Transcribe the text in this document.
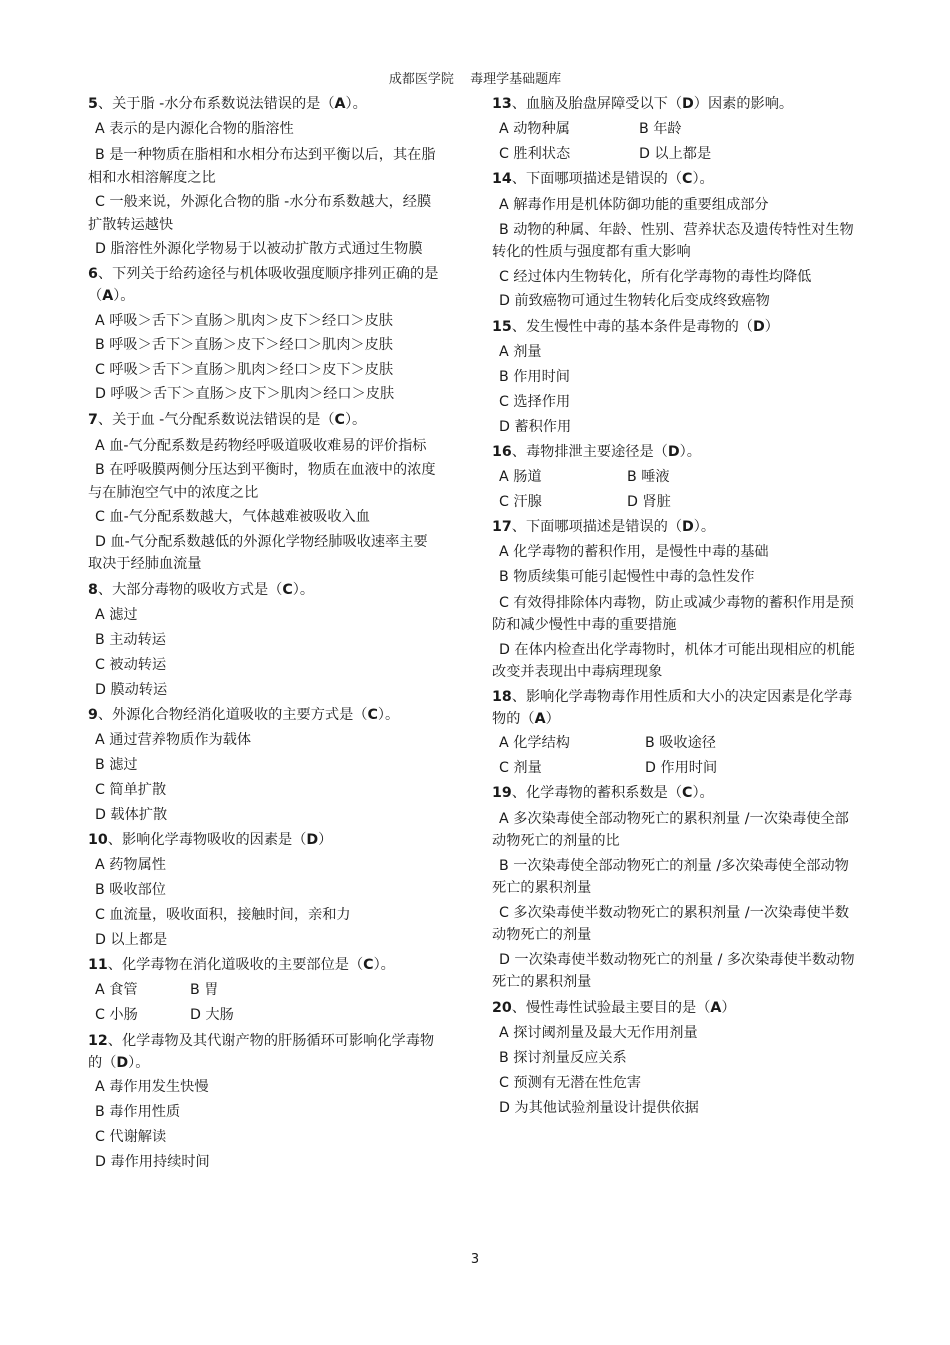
成都医学院 毒理学基础题库
5、关于脂 -水分布系数说法错误的是（A）。
A 表示的是内源化合物的脂溶性
B 是一种物质在脂相和水相分布达到平衡以后，其在脂相和水相溶解度之比
C 一般来说，外源化合物的脂 -水分布系数越大，经膜扩散转运越快
D 脂溶性外源化学物易于以被动扩散方式通过生物膜
6、下列关于给药途径与机体吸收强度顺序排列正确的是（A）。
A 呼吸＞舌下＞直肠＞肌肉＞皮下＞经口＞皮肤
B 呼吸＞舌下＞直肠＞皮下＞经口＞肌肉＞皮肤
C 呼吸＞舌下＞直肠＞肌肉＞经口＞皮下＞皮肤
D 呼吸＞舌下＞直肠＞皮下＞肌肉＞经口＞皮肤
7、关于血 -气分配系数说法错误的是（C）。
A 血-气分配系数是药物经呼吸道吸收难易的评价指标
B 在呼吸膜两侧分压达到平衡时，物质在血液中的浓度与在肺泡空气中的浓度之比
C 血-气分配系数越大，气体越难被吸收入血
D 血-气分配系数越低的外源化学物经肺吸收速率主要取决于经肺血流量
8、大部分毒物的吸收方式是（C）。
A 滤过
B 主动转运
C 被动转运
D 膜动转运
9、外源化合物经消化道吸收的主要方式是（C）。
A 通过营养物质作为载体
B 滤过
C 简单扩散
D 载体扩散
10、影响化学毒物吸收的因素是（D）
A 药物属性
B 吸收部位
C 血流量，吸收面积，接触时间，亲和力
D 以上都是
11、化学毒物在消化道吸收的主要部位是（C）。
A 食管	B 胃
C 小肠	D 大肠
12、化学毒物及其代谢产物的肝肠循环可影响化学毒物的（D）。
A 毒作用发生快慢
B 毒作用性质
C 代谢解读
D 毒作用持续时间
13、血脑及胎盘屏障受以下（D）因素的影响。
A 动物种属	B 年龄
C 胜利状态	D 以上都是
14、下面哪项描述是错误的（C）。
A 解毒作用是机体防御功能的重要组成部分
B 动物的种属、年龄、性别、营养状态及遗传特性对生物转化的性质与强度都有重大影响
C 经过体内生物转化，所有化学毒物的毒性均降低
D 前致癌物可通过生物转化后变成终致癌物
15、发生慢性中毒的基本条件是毒物的（D）
A 剂量
B 作用时间
C 选择作用
D 蓄积作用
16、毒物排泄主要途径是（D）。
A 肠道	B 唾液
C 汗腺	D 肾脏
17、下面哪项描述是错误的（D）。
A 化学毒物的蓄积作用，是慢性中毒的基础
B 物质续集可能引起慢性中毒的急性发作
C 有效得排除体内毒物，防止或减少毒物的蓄积作用是预防和减少慢性中毒的重要措施
D 在体内检查出化学毒物时，机体才可能出现相应的机能改变并表现出中毒病理现象
18、影响化学毒物毒作用性质和大小的决定因素是化学毒物的（A）
A 化学结构	B 吸收途径
C 剂量	D 作用时间
19、化学毒物的蓄积系数是（C）。
A 多次染毒使全部动物死亡的累积剂量 /一次染毒使全部动物死亡的剂量的比
B 一次染毒使全部动物死亡的剂量 /多次染毒使全部动物死亡的累积剂量
C 多次染毒使半数动物死亡的累积剂量 /一次染毒使半数动物死亡的剂量
D 一次染毒使半数动物死亡的剂量 / 多次染毒使半数动物死亡的累积剂量
20、慢性毒性试验最主要目的是（A）
A 探讨阈剂量及最大无作用剂量
B 探讨剂量反应关系
C 预测有无潜在性危害
D 为其他试验剂量设计提供依据
3
